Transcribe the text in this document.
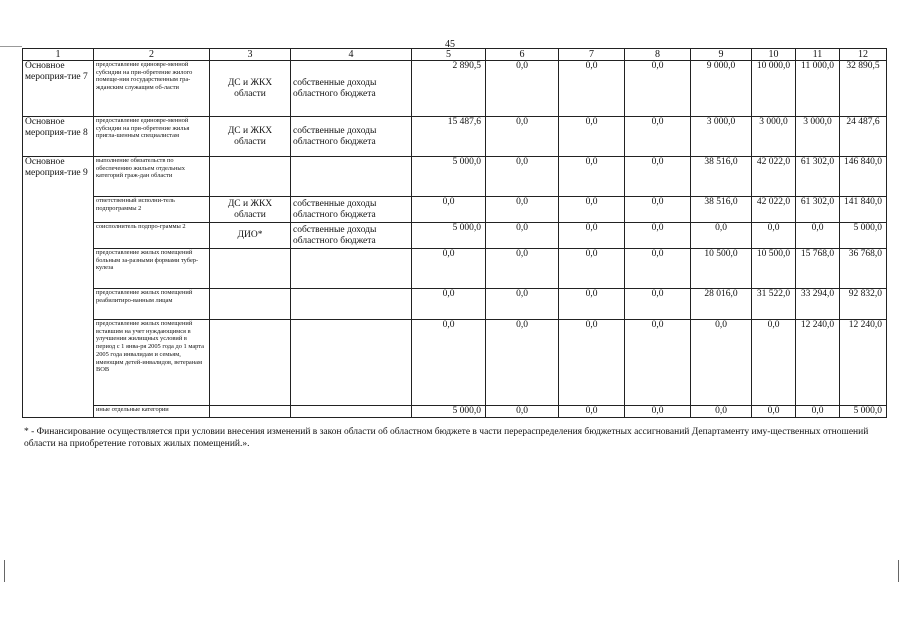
45
1	2	3	4	5	6	7	8	9	10	11	12
Основное мероприя-тие 7	предоставление единовре-менной субсидии на при-обретение жилого помеще-ния государственным гра-жданским служащим об-ласти	ДС и ЖКХ области	собственные доходы областного бюджета	2 890,5	0,0	0,0	0,0	9 000,0	10 000,0	11 000,0	32 890,5
Основное мероприя-тие 8	предоставление единовре-менной субсидии на при-обретение жилья пригла-шенным специалистам	ДС и ЖКХ области	собственные доходы областного бюджета	15 487,6	0,0	0,0	0,0	3 000,0	3 000,0	3 000,0	24 487,6
Основное мероприя-тие 9	выполнение обязательств по обеспечению жильем отдельных категорий граж-дан области			5 000,0	0,0	0,0	0,0	38 516,0	42 022,0	61 302,0	146 840,0
	ответственный исполни-тель подпрограммы 2	ДС и ЖКХ области	собственные доходы областного бюджета	0,0	0,0	0,0	0,0	38 516,0	42 022,0	61 302,0	141 840,0
	соисполнитель подпро-граммы 2	ДИО*	собственные доходы областного бюджета	5 000,0	0,0	0,0	0,0	0,0	0,0	0,0	5 000,0
	предоставление жилых помещений больным за-разными формами тубер-кулеза			0,0	0,0	0,0	0,0	10 500,0	10 500,0	15 768,0	36 768,0
	предоставление жилых помещений реабилитиро-ванным лицам			0,0	0,0	0,0	0,0	28 016,0	31 522,0	33 294,0	92 832,0
	предоставление жилых помещений вставшим на учет нуждающимся в улучшении жилищных условий в период с 1 янва-ря 2005 года до 1 марта 2005 года инвалидам и семьям, имеющим детей-инвалидов, ветеранам ВОВ			0,0	0,0	0,0	0,0	0,0	0,0	12 240,0	12 240,0
	иные отдельные категории			5 000,0	0,0	0,0	0,0	0,0	0,0	0,0	5 000,0
* - Финансирование осуществляется при условии внесения изменений в закон области об областном бюджете в части перераспределения бюджетных ассигнований Департаменту иму-щественных отношений области на приобретение готовых жилых помещений.».
